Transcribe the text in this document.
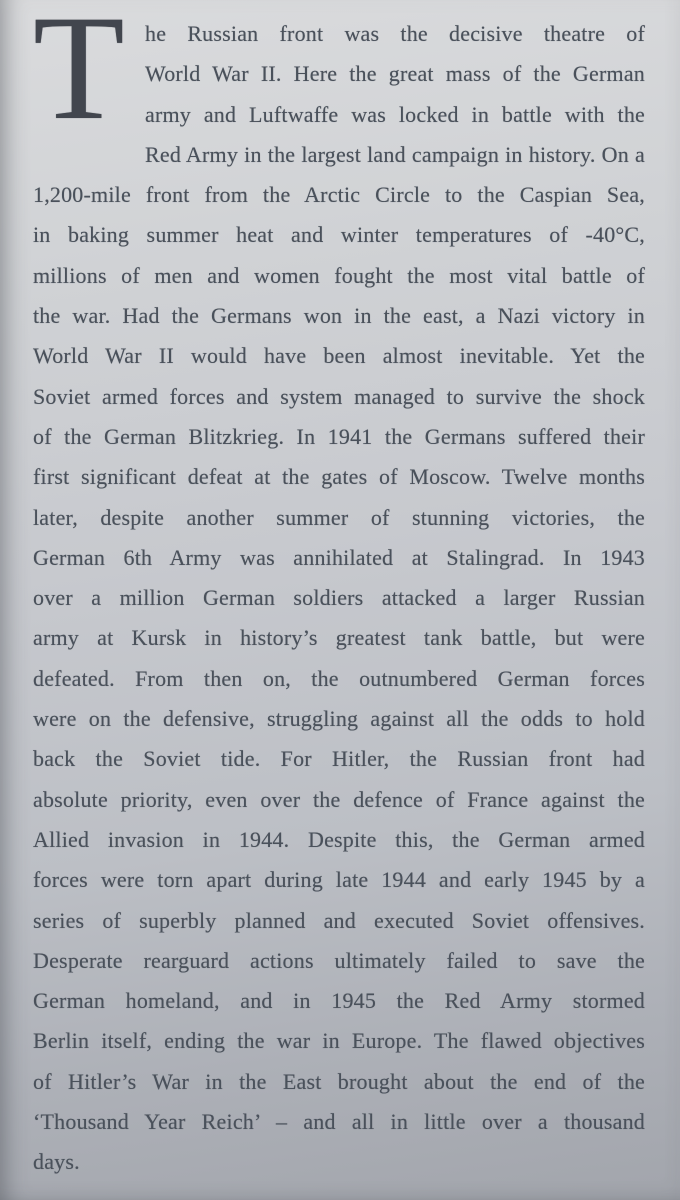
T he Russian front was the decisive theatre of
World War II. Here the great mass of the German
army and Luftwaffe was locked in battle with the
Red Army in the largest land campaign in history. On a
1,200-mile front from the Arctic Circle to the Caspian Sea,
in baking summer heat and winter temperatures of -40°C,
millions of men and women fought the most vital battle of
the war. Had the Germans won in the east, a Nazi victory in
World War II would have been almost inevitable. Yet the
Soviet armed forces and system managed to survive the shock
of the German Blitzkrieg. In 1941 the Germans suffered their
first significant defeat at the gates of Moscow. Twelve months
later, despite another summer of stunning victories, the
German 6th Army was annihilated at Stalingrad. In 1943
over a million German soldiers attacked a larger Russian
army at Kursk in history’s greatest tank battle, but were
defeated. From then on, the outnumbered German forces
were on the defensive, struggling against all the odds to hold
back the Soviet tide. For Hitler, the Russian front had
absolute priority, even over the defence of France against the
Allied invasion in 1944. Despite this, the German armed
forces were torn apart during late 1944 and early 1945 by a
series of superbly planned and executed Soviet offensives.
Desperate rearguard actions ultimately failed to save the
German homeland, and in 1945 the Red Army stormed
Berlin itself, ending the war in Europe. The flawed objectives
of Hitler’s War in the East brought about the end of the
‘Thousand Year Reich’ – and all in little over a thousand
days.
